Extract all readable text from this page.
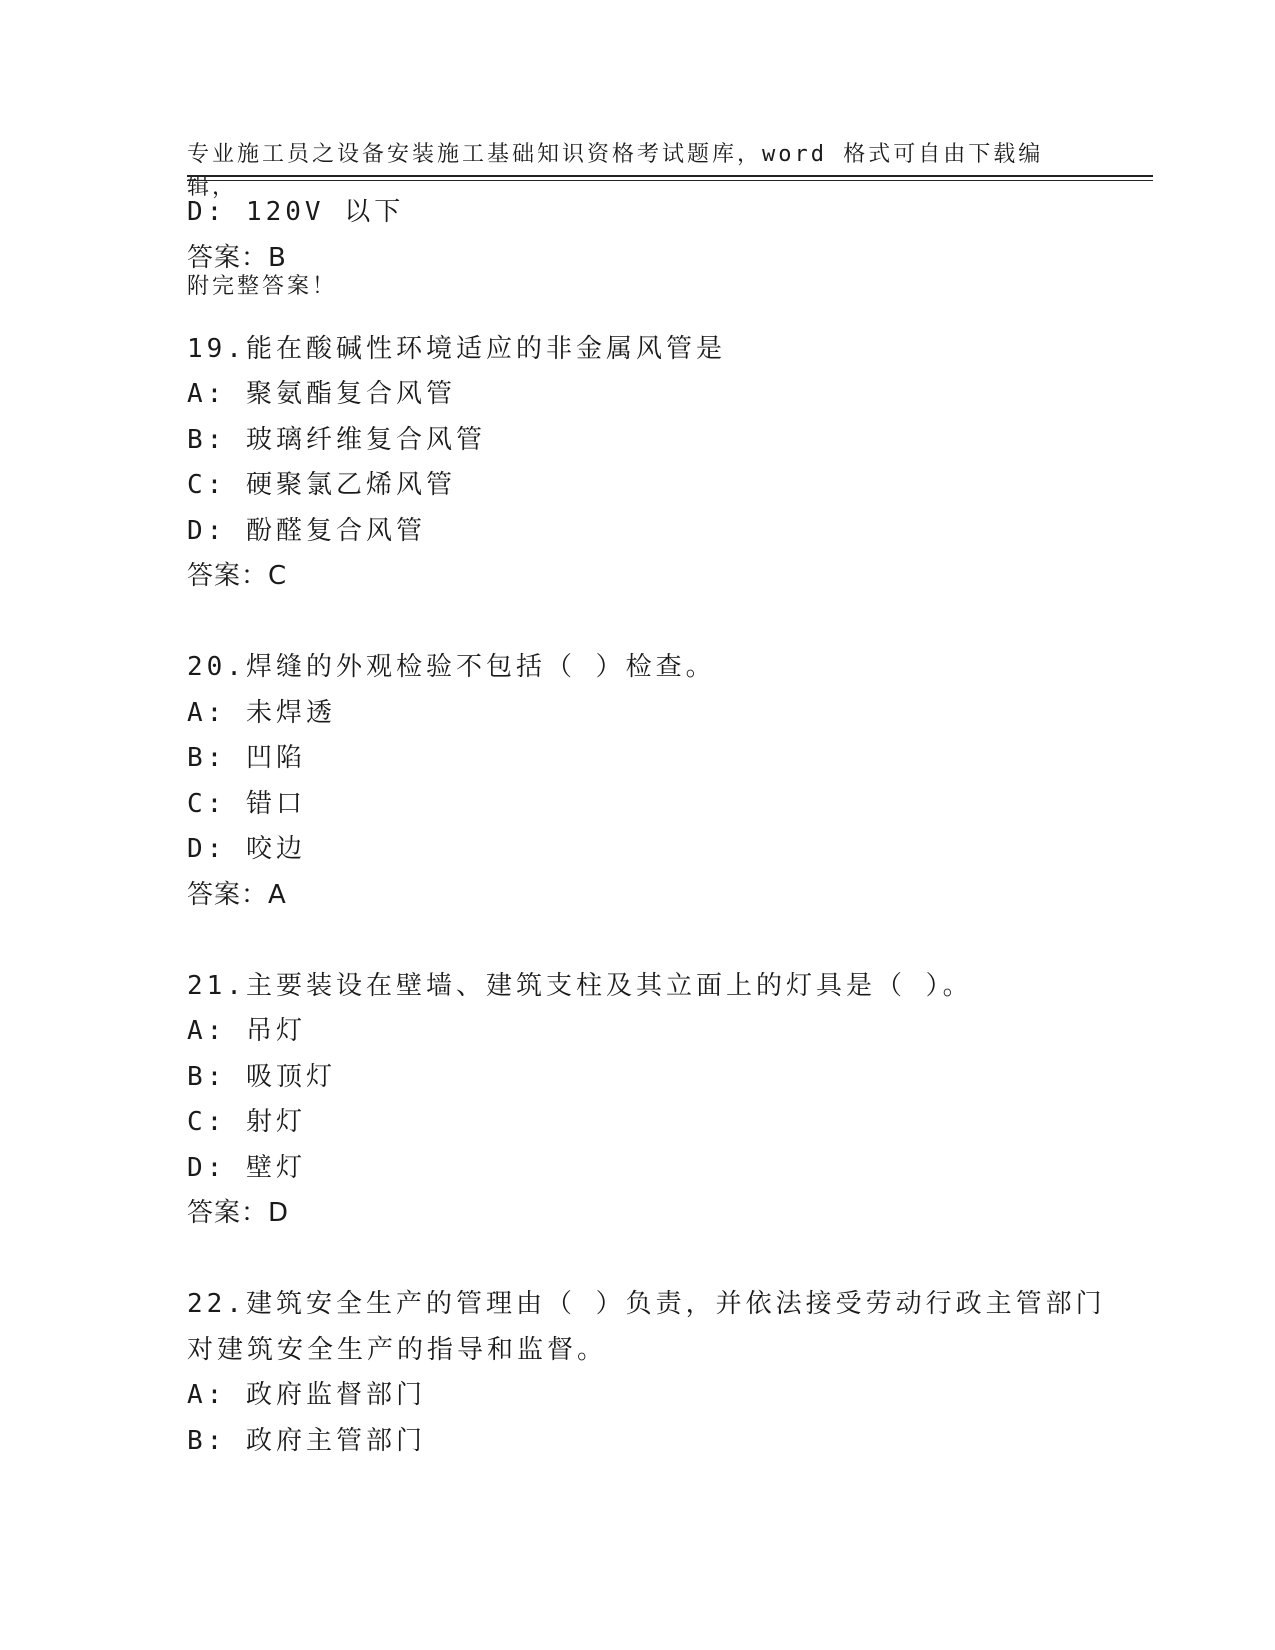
专业施工员之设备安装施工基础知识资格考试题库，word 格式可自由下载编辑，

附完整答案！

D: 120V 以下
答案：B
19.能在酸碱性环境适应的非金属风管是
A: 聚氨酯复合风管
B: 玻璃纤维复合风管
C: 硬聚氯乙烯风管
D: 酚醛复合风管
答案：C
20.焊缝的外观检验不包括（ ）检查。
A: 未焊透
B: 凹陷
C: 错口
D: 咬边
答案：A
21.主要装设在壁墙、建筑支柱及其立面上的灯具是（ ）。
A: 吊灯
B: 吸顶灯
C: 射灯
D: 壁灯
答案：D
22.建筑安全生产的管理由（ ）负责，并依法接受劳动行政主管部门
对建筑安全生产的指导和监督。
A: 政府监督部门
B: 政府主管部门
